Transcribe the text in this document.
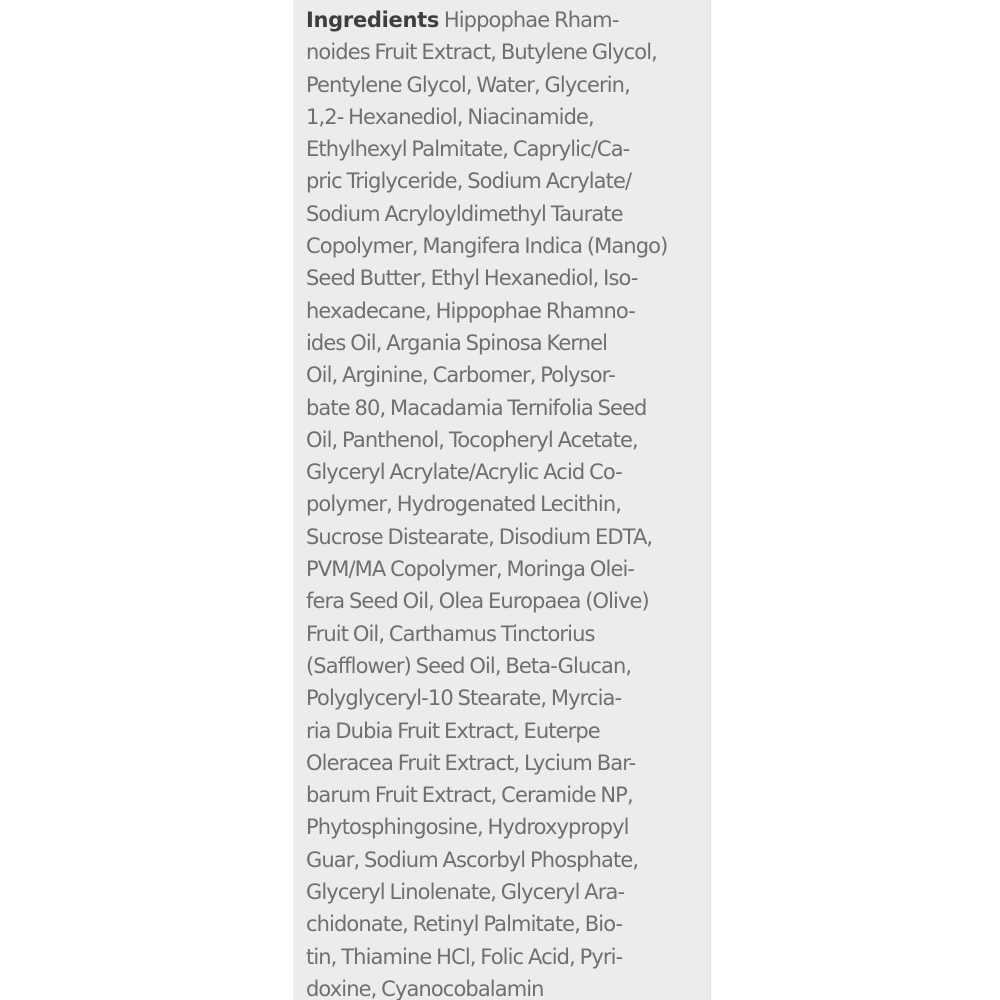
Ingredients Hippophae Rham-
noides Fruit Extract, Butylene Glycol,
Pentylene Glycol, Water, Glycerin,
1,2- Hexanediol, Niacinamide,
Ethylhexyl Palmitate, Caprylic/Ca-
pric Triglyceride, Sodium Acrylate/
Sodium Acryloyldimethyl Taurate
Copolymer, Mangifera Indica (Mango)
Seed Butter, Ethyl Hexanediol, Iso-
hexadecane, Hippophae Rhamno-
ides Oil, Argania Spinosa Kernel
Oil, Arginine, Carbomer, Polysor-
bate 80, Macadamia Ternifolia Seed
Oil, Panthenol, Tocopheryl Acetate,
Glyceryl Acrylate/Acrylic Acid Co-
polymer, Hydrogenated Lecithin,
Sucrose Distearate, Disodium EDTA,
PVM/MA Copolymer, Moringa Olei-
fera Seed Oil, Olea Europaea (Olive)
Fruit Oil, Carthamus Tinctorius
(Safflower) Seed Oil, Beta-Glucan,
Polyglyceryl-10 Stearate, Myrcia-
ria Dubia Fruit Extract, Euterpe
Oleracea Fruit Extract, Lycium Bar-
barum Fruit Extract, Ceramide NP,
Phytosphingosine, Hydroxypropyl
Guar, Sodium Ascorbyl Phosphate,
Glyceryl Linolenate, Glyceryl Ara-
chidonate, Retinyl Palmitate, Bio-
tin, Thiamine HCl, Folic Acid, Pyri-
doxine, Cyanocobalamin
